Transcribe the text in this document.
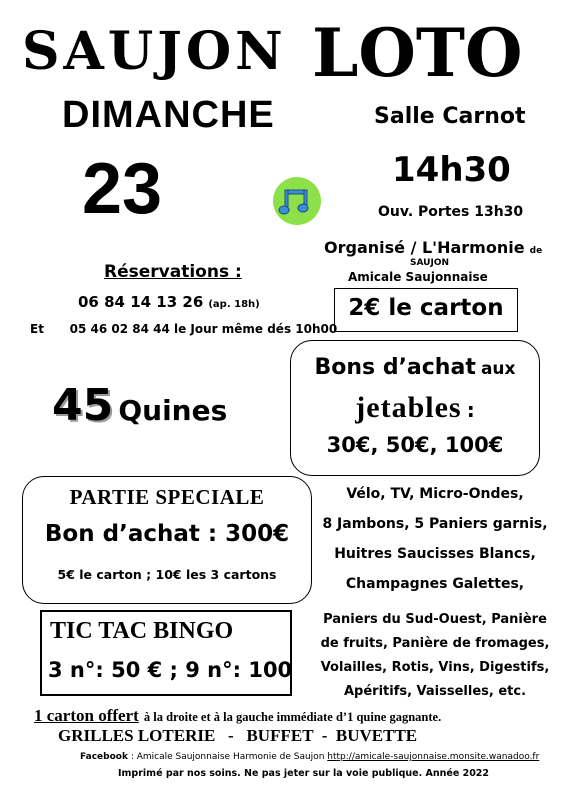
SAUJON LOTO
DIMANCHE
23
Salle Carnot
14h30
Ouv. Portes 13h30
Organisé / L'Harmonie de
SAUJON
Amicale Saujonnaise
2€ le carton
Réservations :
06 84 14 13 26 (ap. 18h)
Et 05 46 02 84 44 le Jour même dés 10h00
45 Quines
Bons d’achat aux
jetables :
30€, 50€, 100€
PARTIE SPECIALE
Bon d’achat : 300€
5€ le carton ; 10€ les 3 cartons
Vélo, TV, Micro-Ondes,
8 Jambons, 5 Paniers garnis,
Huitres Saucisses Blancs,
Champagnes Galettes,
Paniers du Sud-Ouest, Panière
de fruits, Panière de fromages,
Volailles, Rotis, Vins, Digestifs,
Apéritifs, Vaisselles, etc.
TIC TAC BINGO
3 n°: 50 € ; 9 n°: 100
1 carton offert à la droite et à la gauche immédiate d’1 quine gagnante.
GRILLES LOTERIE   -   BUFFET  -  BUVETTE
Facebook : Amicale Saujonnaise Harmonie de Saujon http://amicale-saujonnaise.monsite.wanadoo.fr
Imprimé par nos soins. Ne pas jeter sur la voie publique. Année 2022
